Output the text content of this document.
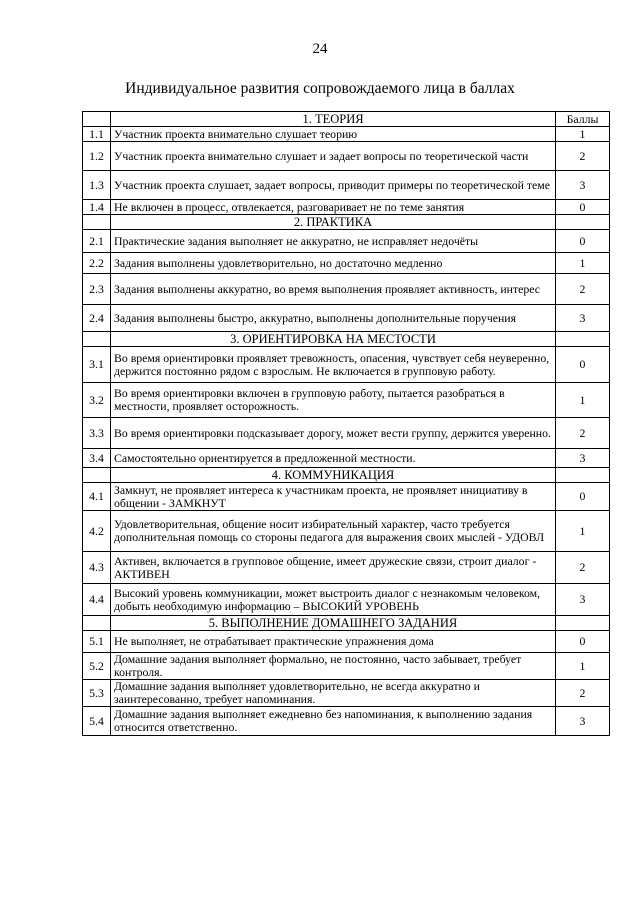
24
Индивидуальное развития сопровождаемого лица в баллах
	1. ТЕОРИЯ	Баллы
1.1	Участник проекта внимательно слушает теорию	1
1.2	Участник проекта внимательно слушает и задает вопросы по теоретической части	2
1.3	Участник проекта слушает, задает вопросы, приводит примеры по теоретической теме	3
1.4	Не включен в процесс, отвлекается, разговаривает не по теме занятия	0
	2. ПРАКТИКА	
2.1	Практические задания выполняет не аккуратно, не исправляет недочёты	0
2.2	Задания выполнены удовлетворительно, но достаточно медленно	1
2.3	Задания выполнены аккуратно, во время выполнения проявляет активность, интерес	2
2.4	Задания выполнены быстро, аккуратно, выполнены дополнительные поручения	3
	3. ОРИЕНТИРОВКА НА МЕСТОСТИ	
3.1	Во время ориентировки проявляет тревожность, опасения, чувствует себя неуверенно, держится постоянно рядом с взрослым. Не включается в групповую работу.	0
3.2	Во время ориентировки включен в групповую работу, пытается разобраться в местности, проявляет осторожность.	1
3.3	Во время ориентировки подсказывает дорогу, может вести группу, держится уверенно.	2
3.4	Самостоятельно ориентируется в предложенной местности.	3
	4. КОММУНИКАЦИЯ	
4.1	Замкнут, не проявляет интереса к участникам проекта, не проявляет инициативу в общении - ЗАМКНУТ	0
4.2	Удовлетворительная, общение носит избирательный характер, часто требуется дополнительная помощь со стороны педагога для выражения своих мыслей - УДОВЛ	1
4.3	Активен, включается в групповое общение, имеет дружеские связи, строит диалог - АКТИВЕН	2
4.4	Высокий уровень коммуникации, может выстроить диалог с незнакомым человеком, добыть необходимую информацию – ВЫСОКИЙ УРОВЕНЬ	3
	5. ВЫПОЛНЕНИЕ ДОМАШНЕГО ЗАДАНИЯ	
5.1	Не выполняет, не отрабатывает практические упражнения дома	0
5.2	Домашние задания выполняет формально, не постоянно, часто забывает, требует контроля.	1
5.3	Домашние задания выполняет удовлетворительно, не всегда аккуратно и заинтересованно, требует напоминания.	2
5.4	Домашние задания выполняет ежедневно без напоминания, к выполнению задания относится ответственно.	3
